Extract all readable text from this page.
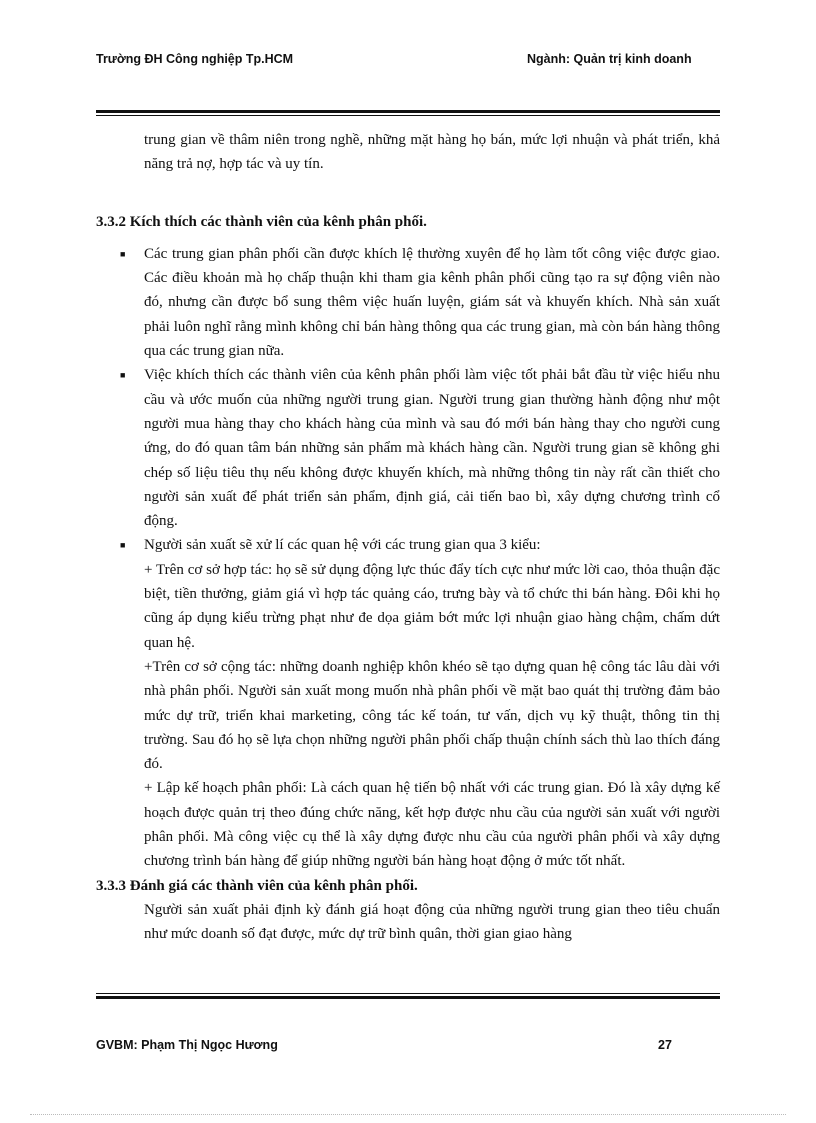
Trường ĐH Công nghiệp Tp.HCM	Ngành: Quản trị kinh doanh

trung gian về thâm niên trong nghề, những mặt hàng họ bán, mức lợi nhuận và phát triển, khả năng trả nợ, hợp tác và uy tín.

3.3.2 Kích thích các thành viên của kênh phân phối.

■ Các trung gian phân phối cần được khích lệ thường xuyên để họ làm tốt công việc được giao. Các điều khoản mà họ chấp thuận khi tham gia kênh phân phối cũng tạo ra sự động viên nào đó, nhưng cần được bổ sung thêm việc huấn luyện, giám sát và khuyến khích. Nhà sản xuất phải luôn nghĩ rằng mình không chỉ bán hàng thông qua các trung gian, mà còn bán hàng thông qua các trung gian nữa.
■ Việc khích thích các thành viên của kênh phân phối làm việc tốt phải bắt đầu từ việc hiểu nhu cầu và ước muốn của những người trung gian. Người trung gian thường hành động như một người mua hàng thay cho khách hàng của mình và sau đó mới bán hàng thay cho người cung ứng, do đó quan tâm bán những sản phẩm mà khách hàng cần. Người trung gian sẽ không ghi chép số liệu tiêu thụ nếu không được khuyến khích, mà những thông tin này rất cần thiết cho người sản xuất để phát triển sản phẩm, định giá, cải tiến bao bì, xây dựng chương trình cổ động.
■ Người sản xuất sẽ xử lí các quan hệ với các trung gian qua 3 kiểu:
+ Trên cơ sở hợp tác: họ sẽ sử dụng động lực thúc đẩy tích cực như mức lời cao, thỏa thuận đặc biệt, tiền thưởng, giảm giá vì hợp tác quảng cáo, trưng bày và tổ chức thi bán hàng. Đôi khi họ cũng áp dụng kiểu trừng phạt như đe dọa giảm bớt mức lợi nhuận giao hàng chậm, chấm dứt quan hệ.
+Trên cơ sở cộng tác: những doanh nghiệp khôn khéo sẽ tạo dựng quan hệ công tác lâu dài với nhà phân phối. Người sản xuất mong muốn nhà phân phối về mặt bao quát thị trường đảm bảo mức dự trữ, triển khai marketing, công tác kế toán, tư vấn, dịch vụ kỹ thuật, thông tin thị trường. Sau đó họ sẽ lựa chọn những người phân phối chấp thuận chính sách thù lao thích đáng đó.
+ Lập kế hoạch phân phối: Là cách quan hệ tiến bộ nhất với các trung gian. Đó là xây dựng kế hoạch được quản trị theo đúng chức năng, kết hợp được nhu cầu của người sản xuất với người phân phối. Mà công việc cụ thể là xây dựng được nhu cầu của người phân phối và xây dựng chương trình bán hàng để giúp những người bán hàng hoạt động ở mức tốt nhất.

3.3.3 Đánh giá các thành viên của kênh phân phối.

Người sản xuất phải định kỳ đánh giá hoạt động của những người trung gian theo tiêu chuẩn như mức doanh số đạt được, mức dự trữ bình quân, thời gian giao hàng

GVBM: Phạm Thị Ngọc Hương	27
